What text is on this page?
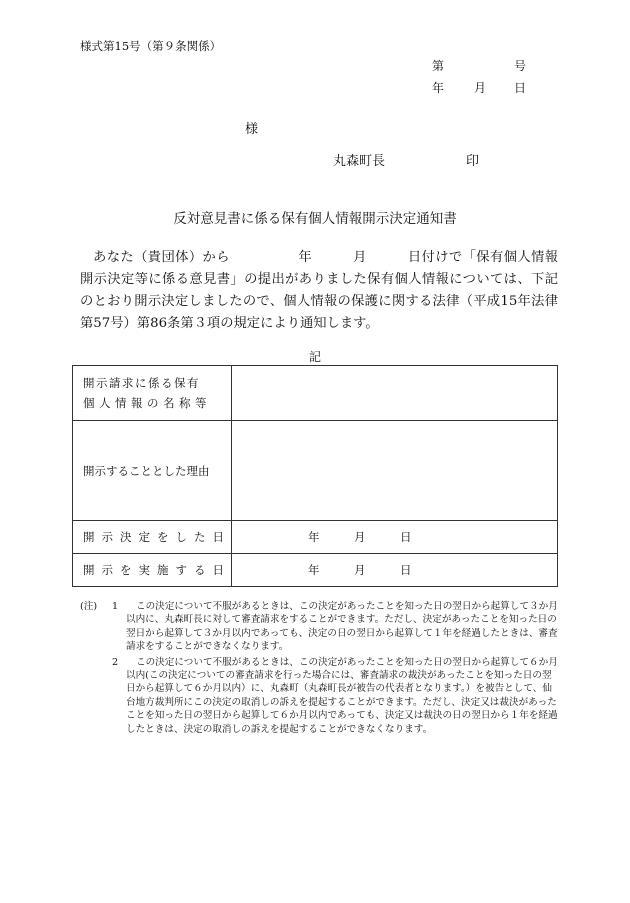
様式第15号（第９条関係）
第	号
年 月 日
様
丸森町長	印
反対意見書に係る保有個人情報開示決定通知書
あなた（貴団体）から　　　　　年　　　月　　　日付けで「保有個人情報開示決定等に係る意見書」の提出がありました保有個人情報については、下記のとおり開示決定しましたので、個人情報の保護に関する法律（平成15年法律第57号）第86条第３項の規定により通知します。
記
開示請求に係る保有
個人情報の名称等	

開示することとした理由	
開示決定をした日	年 月 日

開示を実施する日	年 月 日
(注) 1	この決定について不服があるときは、この決定があったことを知った日の翌日から起算して３か月以内に、丸森町長に対して審査請求をすることができます。ただし、決定があったことを知った日の翌日から起算して３か月以内であっても、決定の日の翌日から起算して１年を経過したときは、審査請求をすることができなくなります。

2	この決定について不服があるときは、この決定があったことを知った日の翌日から起算して６か月以内(この決定についての審査請求を行った場合には、審査請求の裁決があったことを知った日の翌日から起算して６か月以内）に、丸森町（丸森町長が被告の代表者となります。）を被告として、仙台地方裁判所にこの決定の取消しの訴えを提起することができます。ただし、決定又は裁決があったことを知った日の翌日から起算して６か月以内であっても、決定又は裁決の日の翌日から１年を経過したときは、決定の取消しの訴えを提起することができなくなります。
